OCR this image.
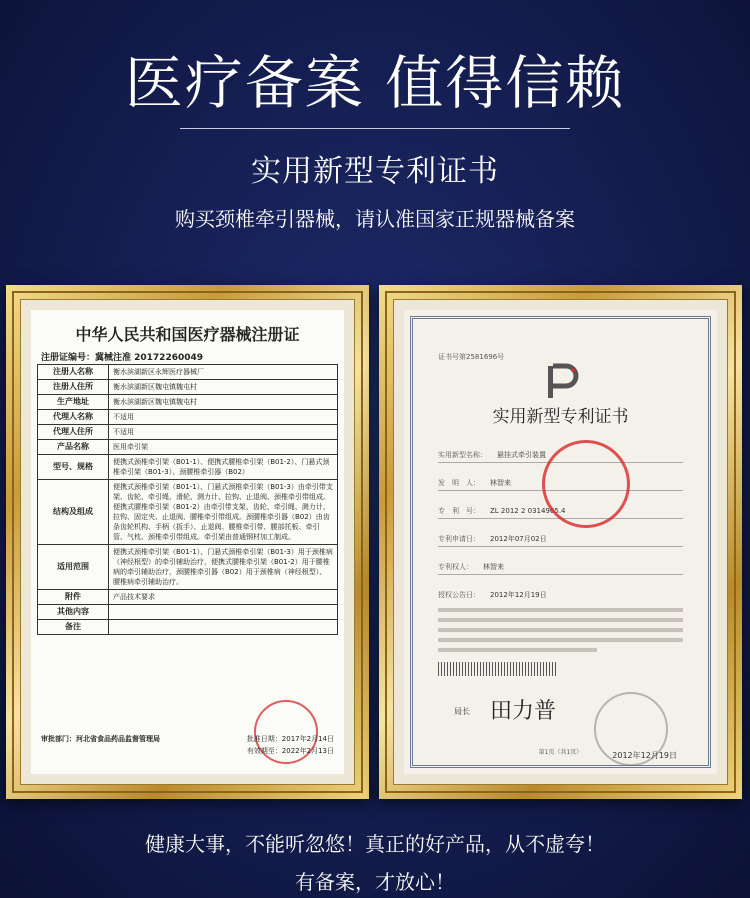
医疗备案 值得信赖
实用新型专利证书
购买颈椎牵引器械，请认准国家正规器械备案
中华人民共和国医疗器械注册证
注册证编号：冀械注准 20172260049
注册人名称	衡水滨湖新区永辉医疗器械厂
注册人住所	衡水滨湖新区魏屯镇魏屯村
生产地址	衡水滨湖新区魏屯镇魏屯村
代理人名称	不适用
代理人住所	不适用
产品名称	医用牵引架
型号、规格	便携式颈椎牵引架（B01-1）、便携式腰椎牵引架（B01-2）、门悬式颈椎牵引架（B01-3）、颈腰椎牵引器（B02）
结构及组成	便携式颈椎牵引架（B01-1）、门悬式颈椎牵引架（B01-3）由牵引带支架、齿轮、牵引绳、滑轮、测力计、拉钩、止退阀、颈椎牵引带组成。便携式腰椎牵引架（B01-2）由牵引带支架、齿轮、牵引绳、测力计、拉钩、固定夹、止退阀、腰椎牵引带组成。颈腰椎牵引器（B02）由齿条齿轮机构、手柄（扳手）、止退阀、腰椎牵引带、腰部托板、牵引管、气枕、颈椎牵引带组成。牵引架由普通钢材加工制成。
适用范围	便携式颈椎牵引架（B01-1）、门悬式颈椎牵引架（B01-3）用于颈椎病（神经根型）的牵引辅助治疗，便携式腰椎牵引架（B01-2）用于腰椎病的牵引辅助治疗，颈腰椎牵引器（B02）用于颈椎病（神经根型）、腰椎病牵引辅助治疗。
附件	产品技术要求
其他内容	
备注	
审批部门：河北省食品药品监督管理局	批准日期：2017年2月14日
有效期至：2022年2月13日
证书号第2581696号
实用新型专利证书
实用新型名称： 悬挂式牵引装置
发　明　人： 林智来
专　利　号： ZL 2012 2 0314965.4
专利申请日： 2012年07月02日
专利权人： 林智来
授权公告日： 2012年12月19日
局长 田力普
2012年12月19日
第1页（共1页）
健康大事，不能听忽悠！真正的好产品，从不虚夸！
有备案，才放心！
